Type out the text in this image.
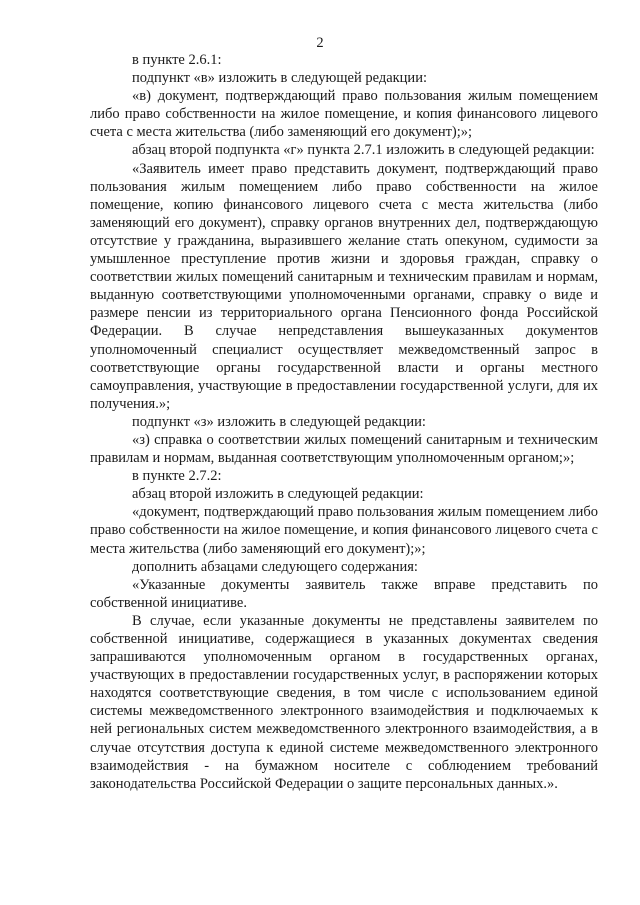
2

в пункте 2.6.1:

подпункт «в» изложить в следующей редакции:

«в) документ, подтверждающий право пользования жилым помещением либо право собственности на жилое помещение, и копия финансового лицевого счета с места жительства (либо заменяющий его документ);»;

абзац второй подпункта «г» пункта 2.7.1 изложить в следующей редакции:

«Заявитель имеет право представить документ, подтверждающий право пользования жилым помещением либо право собственности на жилое помещение, копию финансового лицевого счета с места жительства (либо заменяющий его документ), справку органов внутренних дел, подтверждающую отсутствие у гражданина, выразившего желание стать опекуном, судимости за умышленное преступление против жизни и здоровья граждан, справку о соответствии жилых помещений санитарным и техническим правилам и нормам, выданную соответствующими уполномоченными органами, справку о виде и размере пенсии из территориального органа Пенсионного фонда Российской Федерации. В случае непредставления вышеуказанных документов уполномоченный специалист осуществляет межведомственный запрос в соответствующие органы государственной власти и органы местного самоуправления, участвующие в предоставлении государственной услуги, для их получения.»;

подпункт «з» изложить в следующей редакции:

«з) справка о соответствии жилых помещений санитарным и техническим правилам и нормам, выданная соответствующим уполномоченным органом;»;

в пункте 2.7.2:

абзац второй изложить в следующей редакции:

«документ, подтверждающий право пользования жилым помещением либо право собственности на жилое помещение, и копия финансового лицевого счета с места жительства (либо заменяющий его документ);»;

дополнить абзацами следующего содержания:

«Указанные документы заявитель также вправе представить по собственной инициативе.

В случае, если указанные документы не представлены заявителем по собственной инициативе, содержащиеся в указанных документах сведения запрашиваются уполномоченным органом в государственных органах, участвующих в предоставлении государственных услуг, в распоряжении которых находятся соответствующие сведения, в том числе с использованием единой системы межведомственного электронного взаимодействия и подключаемых к ней региональных систем межведомственного электронного взаимодействия, а в случае отсутствия доступа к единой системе межведомственного электронного взаимодействия - на бумажном носителе с соблюдением требований законодательства Российской Федерации о защите персональных данных.».
